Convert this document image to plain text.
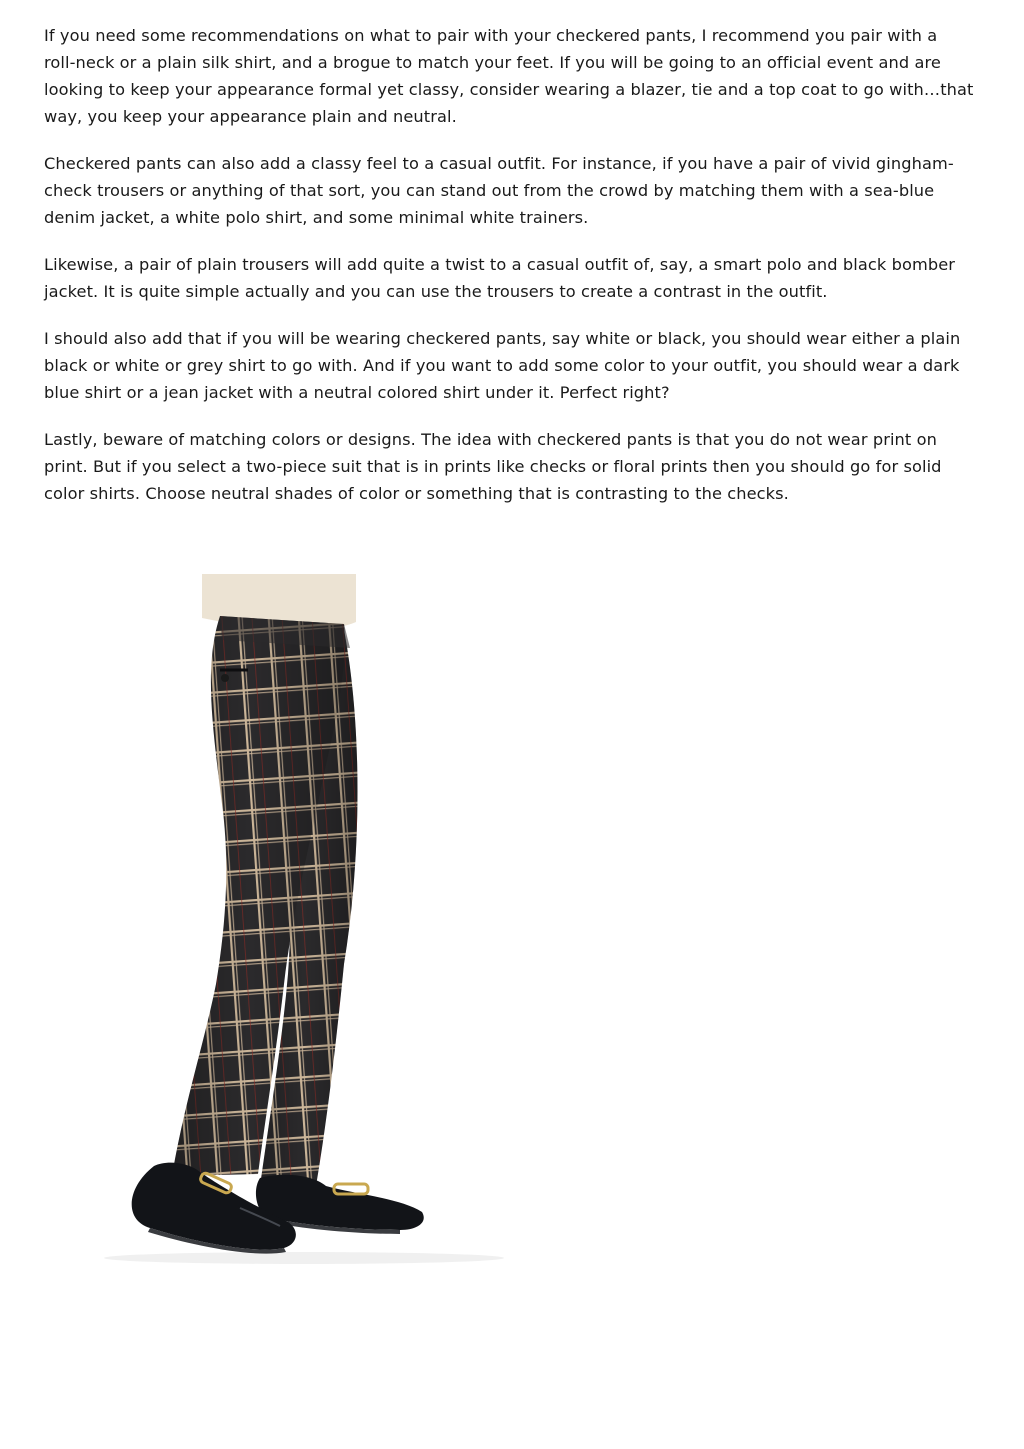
If you need some recommendations on what to pair with your checkered pants, I recommend you pair with a roll-neck or a plain silk shirt, and a brogue to match your feet. If you will be going to an official event and are looking to keep your appearance formal yet classy, consider wearing a blazer, tie and a top coat to go with…that way, you keep your appearance plain and neutral.

Checkered pants can also add a classy feel to a casual outfit. For instance, if you have a pair of vivid gingham-check trousers or anything of that sort, you can stand out from the crowd by matching them with a sea-blue denim jacket, a white polo shirt, and some minimal white trainers.

Likewise, a pair of plain trousers will add quite a twist to a casual outfit of, say, a smart polo and black bomber jacket. It is quite simple actually and you can use the trousers to create a contrast in the outfit.

I should also add that if you will be wearing checkered pants, say white or black, you should wear either a plain black or white or grey shirt to go with. And if you want to add some color to your outfit, you should wear a dark blue shirt or a jean jacket with a neutral colored shirt under it. Perfect right?

Lastly, beware of matching colors or designs. The idea with checkered pants is that you do not wear print on print. But if you select a two-piece suit that is in prints like checks or floral prints then you should go for solid color shirts. Choose neutral shades of color or something that is contrasting to the checks.
